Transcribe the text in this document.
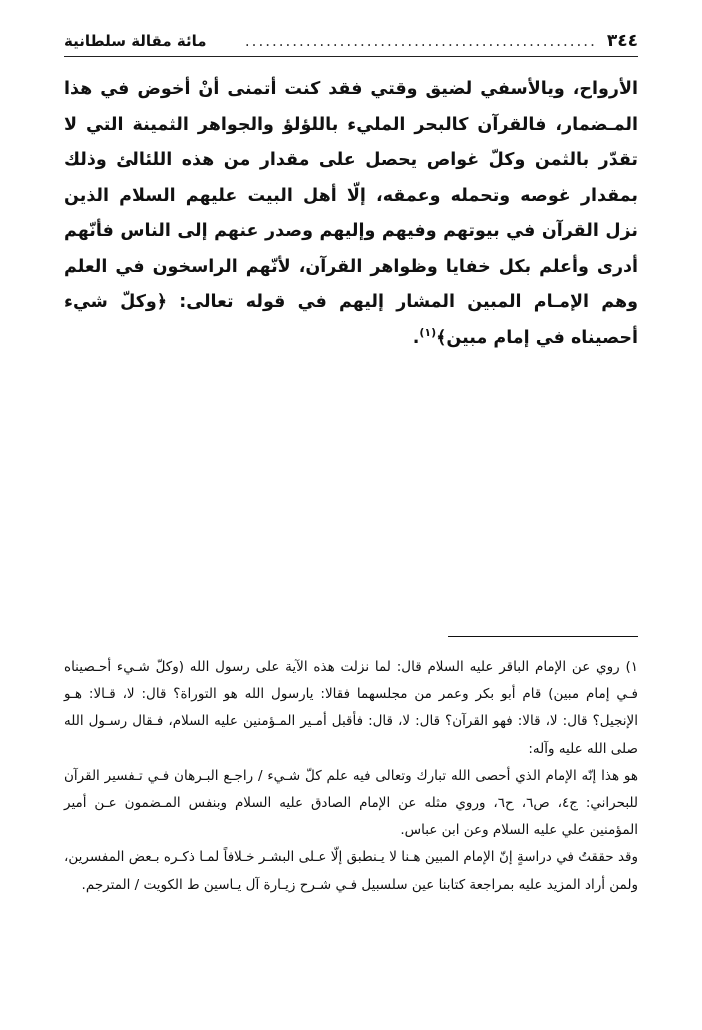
٣٤٤
....................................................
مائة مقالة سلطانية

الأرواح، ويالأسفي لضيق وقتي فقد كنت أتمنى أنْ أخوض في هذا المـضمار، فالقرآن كالبحر المليء باللؤلؤ والجواهر الثمينة التي لا تقدّر بالثمن وكلّ غواص يحصل على مقدار من هذه اللئالئ وذلك بمقدار غوصه وتحمله وعمقه، إلّا أهل البيت عليهم السلام الذين نزل القرآن في بيوتهم وفيهم وإليهم وصدر عنهم إلى الناس فأنّهم أدرى وأعلم بكل خفايا وظواهر القرآن، لأنّهم الراسخون في العلم وهم الإمـام المبين المشار إليهم في قوله تعالى: ﴿وكلّ شيء أحصيناه في إمام مبين﴾$^{(١)}$.

١) روي عن الإمام الباقر عليه السلام قال: لما نزلت هذه الآية على رسول الله (وكلّ شـيء أحـصيناه فـي إمام مبين) قام أبو بكر وعمر من مجلسهما فقالا: يارسول الله هو التوراة؟ قال: لا، قـالا: هـو الإنجيل؟ قال: لا، قالا: فهو القرآن؟ قال: لا، قال: فأقبل أمـير المـؤمنين عليه السلام، فـقال رسـول الله صلى الله عليه وآله:

هو هذا إنّه الإمام الذي أحصى الله تبارك وتعالى فيه علم كلّ شـيء / راجـع البـرهان فـي تـفسير القرآن للبحراني: ج٤، ص٦، ح٦، وروي مثله عن الإمام الصادق عليه السلام وبنفس المـضمون عـن أمير المؤمنين علي عليه السلام وعن ابن عباس.

وقد حققتُ في دراسةٍ إنّ الإمام المبين هـنا لا يـنطبق إلّا عـلى البشـر خـلافاً لمـا ذكـره بـعض المفسرين، ولمن أراد المزيد عليه بمراجعة كتابنا عين سلسبيل فـي شـرح زيـارة آل يـاسين ط الكويت / المترجم.
